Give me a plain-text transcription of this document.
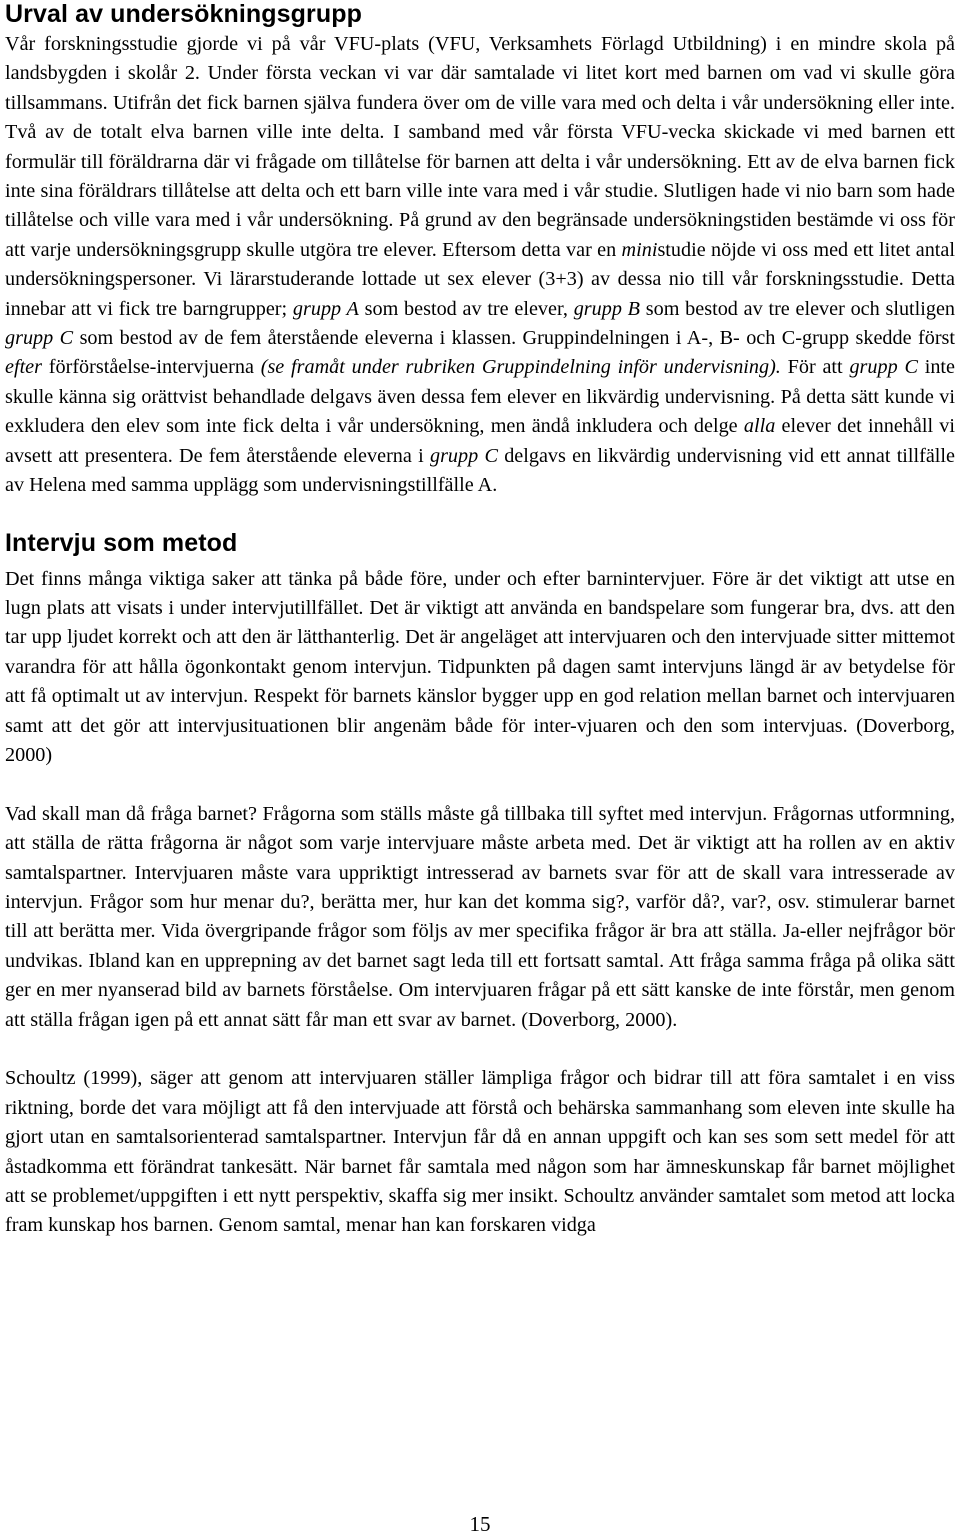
Urval av undersökningsgrupp

Vår forskningsstudie gjorde vi på vår VFU-plats (VFU, Verksamhets Förlagd Utbildning) i en mindre skola på landsbygden i skolår 2. Under första veckan vi var där samtalade vi litet kort med barnen om vad vi skulle göra tillsammans. Utifrån det fick barnen själva fundera över om de ville vara med och delta i vår undersökning eller inte. Två av de totalt elva barnen ville inte delta. I samband med vår första VFU-vecka skickade vi med barnen ett formulär till föräldrarna där vi frågade om tillåtelse för barnen att delta i vår undersökning. Ett av de elva barnen fick inte sina föräldrars tillåtelse att delta och ett barn ville inte vara med i vår studie. Slutligen hade vi nio barn som hade tillåtelse och ville vara med i vår undersökning. På grund av den begränsade undersökningstiden bestämde vi oss för att varje undersökningsgrupp skulle utgöra tre elever. Eftersom detta var en ministudie nöjde vi oss med ett litet antal undersökningspersoner. Vi lärarstuderande lottade ut sex elever (3+3) av dessa nio till vår forskningsstudie. Detta innebar att vi fick tre barngrupper; grupp A som bestod av tre elever, grupp B som bestod av tre elever och slutligen grupp C som bestod av de fem återstående eleverna i klassen. Gruppindelningen i A-, B- och C-grupp skedde först efter förförståelse-intervjuerna (se framåt under rubriken Gruppindelning inför undervisning). För att grupp C inte skulle känna sig orättvist behandlade delgavs även dessa fem elever en likvärdig undervisning. På detta sätt kunde vi exkludera den elev som inte fick delta i vår undersökning, men ändå inkludera och delge alla elever det innehåll vi avsett att presentera. De fem återstående eleverna i grupp C delgavs en likvärdig undervisning vid ett annat tillfälle av Helena med samma upplägg som undervisningstillfälle A.

Intervju som metod

Det finns många viktiga saker att tänka på både före, under och efter barnintervjuer. Före är det viktigt att utse en lugn plats att visats i under intervjutillfället. Det är viktigt att använda en bandspelare som fungerar bra, dvs. att den tar upp ljudet korrekt och att den är lätthanterlig. Det är angeläget att intervjuaren och den intervjuade sitter mittemot varandra för att hålla ögonkontakt genom intervjun. Tidpunkten på dagen samt intervjuns längd är av betydelse för att få optimalt ut av intervjun. Respekt för barnets känslor bygger upp en god relation mellan barnet och intervjuaren samt att det gör att intervjusituationen blir angenäm både för inter-vjuaren och den som intervjuas. (Doverborg, 2000)

Vad skall man då fråga barnet? Frågorna som ställs måste gå tillbaka till syftet med intervjun. Frågornas utformning, att ställa de rätta frågorna är något som varje intervjuare måste arbeta med. Det är viktigt att ha rollen av en aktiv samtalspartner. Intervjuaren måste vara uppriktigt intresserad av barnets svar för att de skall vara intresserade av intervjun. Frågor som hur menar du?, berätta mer, hur kan det komma sig?, varför då?, var?, osv. stimulerar barnet till att berätta mer. Vida övergripande frågor som följs av mer specifika frågor är bra att ställa. Ja-eller nejfrågor bör undvikas. Ibland kan en upprepning av det barnet sagt leda till ett fortsatt samtal. Att fråga samma fråga på olika sätt ger en mer nyanserad bild av barnets förståelse. Om intervjuaren frågar på ett sätt kanske de inte förstår, men genom att ställa frågan igen på ett annat sätt får man ett svar av barnet. (Doverborg, 2000).

Schoultz (1999), säger att genom att intervjuaren ställer lämpliga frågor och bidrar till att föra samtalet i en viss riktning, borde det vara möjligt att få den intervjuade att förstå och behärska sammanhang som eleven inte skulle ha gjort utan en samtalsorienterad samtalspartner. Intervjun får då en annan uppgift och kan ses som sett medel för att åstadkomma ett förändrat tankesätt. När barnet får samtala med någon som har ämneskunskap får barnet möjlighet att se problemet/uppgiften i ett nytt perspektiv, skaffa sig mer insikt. Schoultz använder samtalet som metod att locka fram kunskap hos barnen. Genom samtal, menar han kan forskaren vidga

15
